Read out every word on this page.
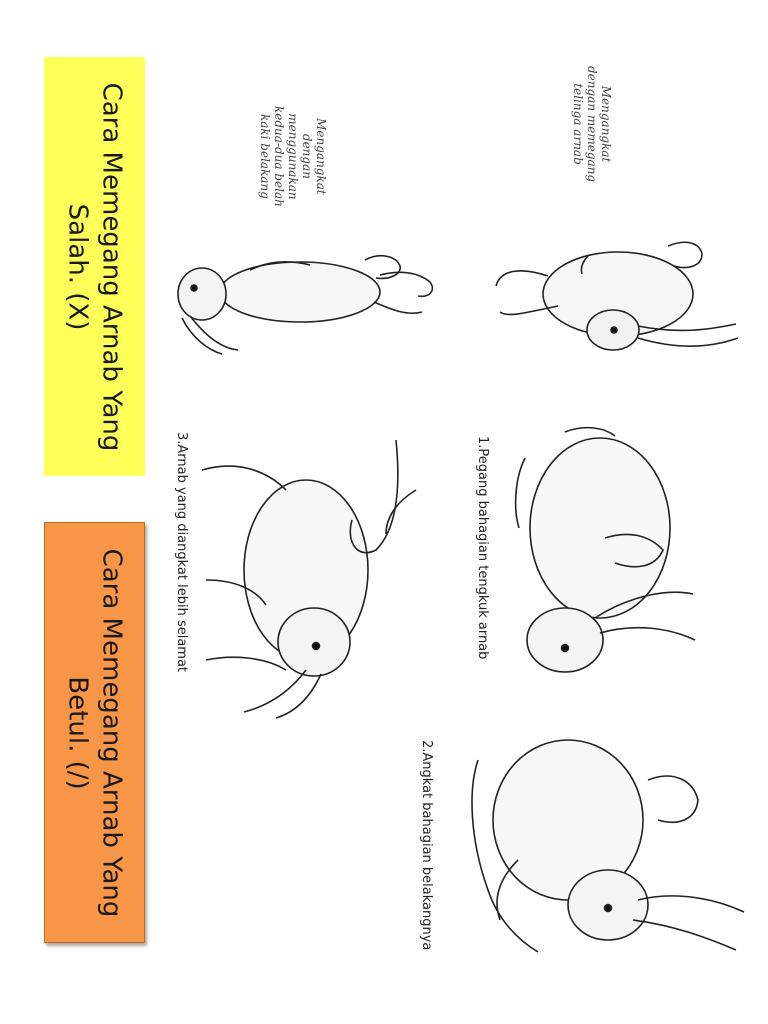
Cara Memegang Arnab Yang
Salah. (X)
Cara Memegang Arnab Yang
Betul. (/)
Mengangkat
dengan memegang
telinga arnab
Mengangkat
dengan
menggunakan
kedua-dua belah
kaki belakang
1.Pegang bahagian tengkuk arnab
2.Angkat bahagian belakangnya
3.Arnab yang diangkat lebih selamat
